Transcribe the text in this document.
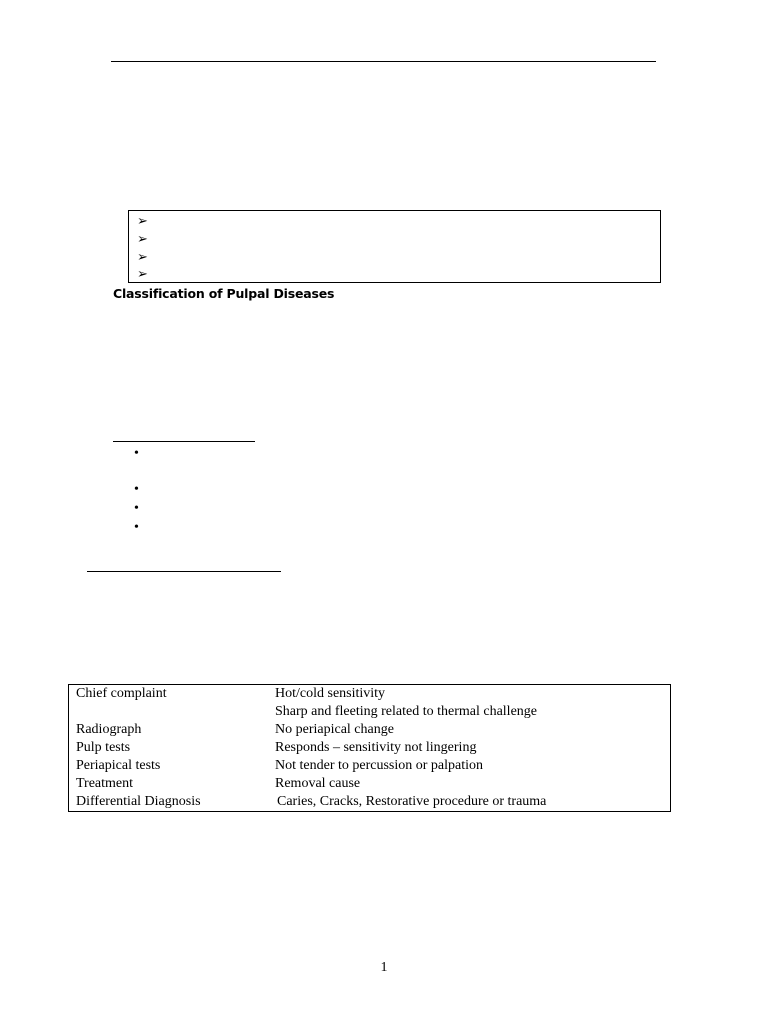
➢
➢
➢
➢
Classification of Pulpal Diseases
•
•
•
•
Chief complaint	Hot/cold sensitivity
Sharp and fleeting related to thermal challenge
Radiograph	No periapical change
Pulp tests	Responds – sensitivity not lingering
Periapical tests	Not tender to percussion or palpation
Treatment	Removal cause
Differential Diagnosis	Caries, Cracks, Restorative procedure or trauma
1
